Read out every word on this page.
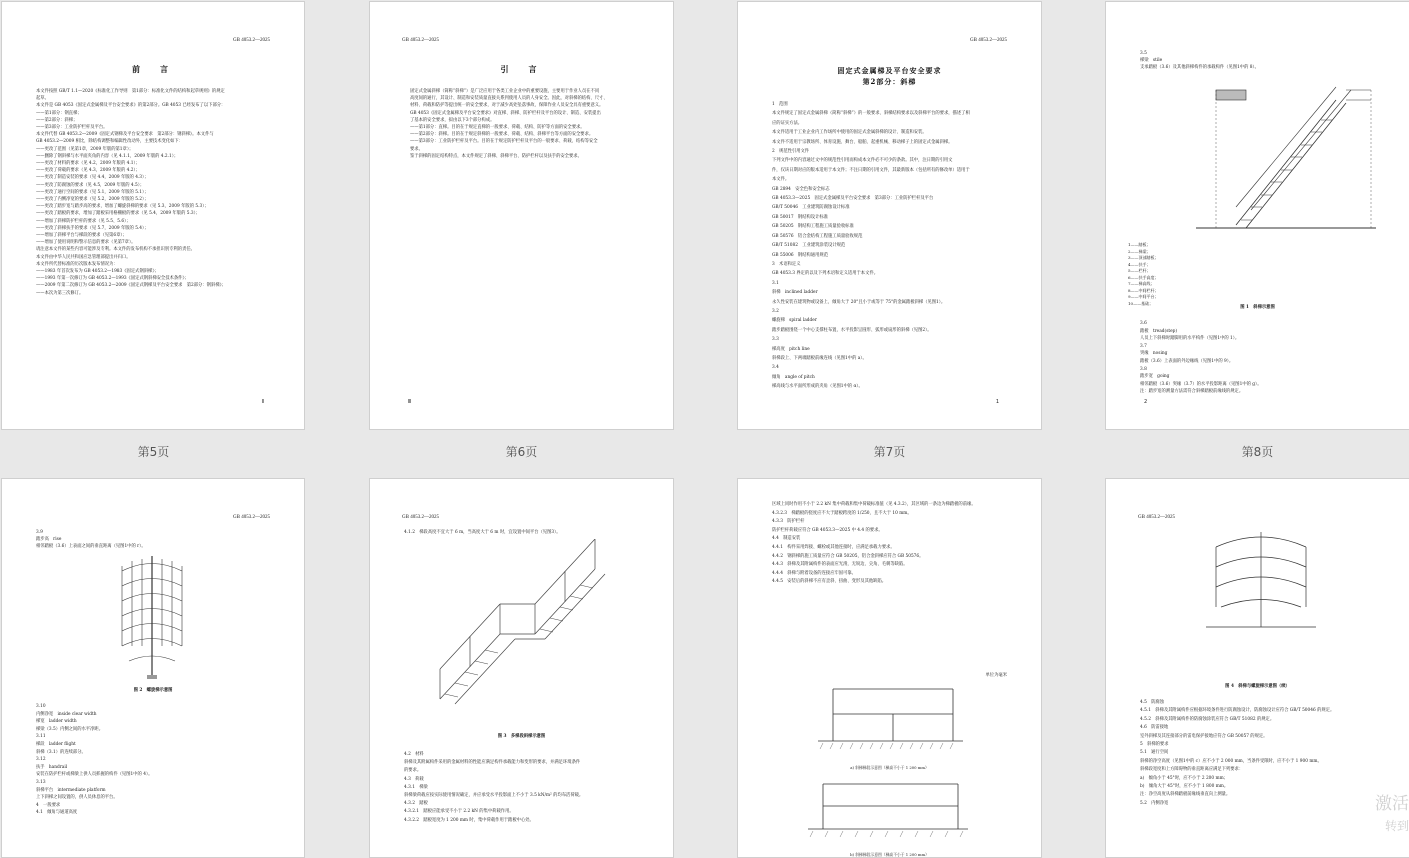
GB 4053.2—2025
前　言
本文件按照 GB/T 1.1—2020《标准化工作导则　第1部分：标准化文件的结构和起草规则》的规定
起草。
本文件是 GB 4053《固定式金属梯及平台安全要求》的第2部分。GB 4053 已经发布了以下部分：
——第1部分：钢直梯；
——第2部分：斜梯；
——第3部分：工业防护栏杆及平台。
本文件代替 GB 4053.2—2009《固定式钢梯及平台安全要求　第2部分：钢斜梯》。本文件与
GB 4053.2—2009 相比，除结构调整和编辑性改动外，主要技术变化如下：
——更改了范围（见第1章，2009 年版的第1章）；
——删除了钢斜梯与水平面夹角的内容（见 4.1.1，2009 年版的 4.2.1）；
——更改了材料的要求（见 4.2，2009 年版的 4.1）；
——更改了荷载的要求（见 4.3，2009 年版的 4.2）；
——更改了制造安装的要求（见 4.4，2009 年版的 4.3）；
——更改了防腐蚀的要求（见 4.5，2009 年版的 4.5）；
——更改了通行空间的要求（见 5.1，2009 年版的 5.1）；
——更改了内侧净宽的要求（见 5.2，2009 年版的 5.2）；
——更改了踏步宽与踏步高的要求，增加了螺旋斜梯的要求（见 5.3，2009 年版的 5.3）；
——更改了踏板的要求，增加了踏板采用格栅板的要求（见 5.4，2009 年版的 5.3）；
——增加了斜梯防护栏杆的要求（见 5.5、5.6）；
——更改了斜梯扶手的要求（见 5.7，2009 年版的 5.4）；
——增加了斜梯平台与梯段的要求（见第6章）；
——增加了使用说明和警示信息的要求（见第7章）。
请注意本文件的某些内容可能涉及专利。本文件的发布机构不承担识别专利的责任。
本文件由中华人民共和国应急管理部提出并归口。
本文件所代替标准的历次版本发布情况为：
——1983 年首次发布为 GB 4053.2—1983《固定式钢斜梯》；
——1993 年第一次修订为 GB 4053.2—1993《固定式钢斜梯安全技术条件》；
——2009 年第二次修订为 GB 4053.2—2009《固定式钢梯及平台安全要求　第2部分：钢斜梯》；
——本次为第三次修订。
Ⅱ
第5页
GB 4053.2—2025
引　言
固定式金属斜梯（简称“斜梯”）是广泛应用于各类工业企业中的重要设施，主要用于作业人员在不同
高度间的通行，其设计、制造和安装质量直接关系到使用人员的人身安全。因此，对斜梯的结构、尺寸、
材料、荷载和防护等提出统一的安全要求，对于减少高处坠落事故、保障作业人员安全具有重要意义。
GB 4053《固定式金属梯及平台安全要求》对直梯、斜梯、防护栏杆及平台的设计、制造、安装提出
了基本的安全要求，拟由以下3个部分构成。
——第1部分：直梯。目的在于规定直梯的一般要求、荷载、结构、防护等方面的安全要求。
——第2部分：斜梯。目的在于规定斜梯的一般要求、荷载、结构、斜梯平台等方面的安全要求。
——第3部分：工业防护栏杆及平台。目的在于规定防护栏杆及平台的一般要求、荷载、结构等安全
要求。
鉴于斜梯的固定结构特点，本文件规定了斜梯、斜梯平台、防护栏杆以及扶手的安全要求。
Ⅲ
第6页
GB 4053.2—2025
固定式金属梯及平台安全要求
第2部分：斜梯
1　范围
本文件规定了固定式金属斜梯（简称“斜梯”）的一般要求、斜梯结构要求以及斜梯平台的要求，描述了相
应的证实方法。
本文件适用于工业企业内工作场所中使用的固定式金属斜梯的设计、制造和安装。
本文件不适用于宗教场所、体育设施、舞台、船舶、起重机械、移动梯子上的固定式金属斜梯。
2　规范性引用文件
下列文件中的内容通过文中的规范性引用而构成本文件必不可少的条款。其中，注日期的引用文
件，仅该日期对应的版本适用于本文件；不注日期的引用文件，其最新版本（包括所有的修改单）适用于
本文件。
GB 2894　安全色和安全标志
GB 4053.3—2025　固定式金属梯及平台安全要求　第3部分：工业防护栏杆及平台
GB/T 50046　工业建筑防腐蚀设计标准
GB 50017　钢结构设计标准
GB 50205　钢结构工程施工质量验收标准
GB 50576　铝合金结构工程施工质量验收规范
GB/T 51082　工业建筑涂装设计规范
GB 55006　钢结构通用规范
3　术语和定义
GB 4053.3 界定的以及下列术语和定义适用于本文件。
3.1
斜梯　inclined ladder
永久性安装在建筑物或设备上，倾角大于 20°且小于或等于 75°的金属踏板斜梯（见图1）。
3.2
螺旋梯　spiral ladder
踏步踏板围绕一个中心支撑柱布置，水平投影呈圆形、弧形或扇形的斜梯（见图2）。
3.3
梯高度　pitch line
斜梯段上、下两端踏板前缘连线（见图1中的 a）。
3.4
倾角　angle of pitch
梯高线与水平面所形成的夹角（见图1中的 α）。
1
第7页
3.5
梯梁　stile
支承踏板（3.6）及其他斜梯构件的承载构件（见图1中的 8）。
1——踏板；
2——梯梁；
3——顶部踏板；
4——扶手；
5——栏杆；
6——扶手高度；
7——梯高线；
8——中间栏杆；
9——中间平台；
10——基础；
图 1　斜梯示意图
3.6
踏板　tread(step)
人员上下斜梯时踏脚用的水平构件（见图1中的 1）。
3.7
突缘　nosing
踏板（3.6）上表面的外边缘线（见图1中的 9）。
3.8
踏步宽　going
相邻踏板（3.6）突缘（3.7）的水平投影距离（见图1中的 g）。
注：踏步宽的测量方法需符合斜梯踏板前缘线的规定。
2
第8页
GB 4053.2—2025
3.9
踏步高　rise
相邻踏板（3.6）上表面之间的垂直距离（见图1中的 r）。
图 2　螺旋梯示意图
3.10
内侧净宽　inside clear width
梯宽　ladder width
梯梁（3.5）内侧之间的水平净距。
3.11
梯段　ladder flight
斜梯（3.1）的连续部分。
3.12
扶手　handrail
安装在防护栏杆或梯梁上供人员抓握的构件（见图1中的 4）。
3.13
斜梯平台　intermediate platform
上下斜梯之间设置的，供人员休息的平台。
4　一般要求
4.1　倾角与通道高度
GB 4053.2—2025
4.1.2　梯段高度不宜大于 6 m，当高度大于 6 m 时，宜设置中间平台（见图3）。
图 3　多梯段斜梯示意图
4.2　材料
斜梯及其附属构件采用的金属材料的性能应满足构件承载能力和变形的要求，并满足环境条件
的要求。
4.3　荷载
4.3.1　梯梁
斜梯梁荷载应按实际使用情况确定，并应承受水平投影面上不小于 3.5 kN/m² 的均布活荷载。
4.3.2　踏板
4.3.2.1　踏板应能承受不小于 2.2 kN 的集中荷载作用。
4.3.2.2　踏板宽度为 1 200 mm 时，集中荷载作用于踏板中心处。
区域上同时作用不小于 2.2 kN 集中荷载和集中荷载标准值（见 4.3.2），其区域的一条边为梯踏板的前缘。
4.3.2.3　梯踏板的挠度应不大于踏板跨度的 1/250，且不大于 10 mm。
4.3.3　防护栏杆
防护栏杆荷载应符合 GB 4053.3—2025 中 4.4 的要求。
4.4　制造安装
4.4.1　构件采用焊接、螺栓或其他连接时，应满足承载力要求。
4.4.2　钢斜梯的施工质量应符合 GB 50205，铝合金斜梯应符合 GB 50576。
4.4.3　斜梯及其附属构件的表面应光滑，无锐边、尖角、毛刺等缺陷。
4.4.4　斜梯与附着设备的连接应牢固可靠。
4.4.5　安装后的斜梯不应有歪斜、扭曲、变形及其他缺陷。
单位为毫米
a) 斜梯梯段示意图（梯高不小于 1 200 mm）
b) 斜梯梯段示意图（梯高不小于 1 200 mm）
GB 4053.2—2025
图 4　斜梯与螺旋梯示意图（续）
4.5　防腐蚀
4.5.1　斜梯及其附属构件应根据环境条件进行防腐蚀设计，防腐蚀设计应符合 GB/T 50046 的规定。
4.5.2　斜梯及其附属构件的防腐蚀涂装应符合 GB/T 51082 的规定。
4.6　防雷接地
室外斜梯及其连接部分的雷电保护接地应符合 GB 50057 的规定。
5　斜梯的要求
5.1　通行空间
斜梯的净空高度（见图1中的 c）应不小于 2 000 mm，当条件受限时，应不小于 1 900 mm。
斜梯段宽度和上方障碍物的垂直距离应满足下列要求：
a)　倾角小于 45°时，应不小于 2 200 mm；
b)　倾角大于 45°时，应不小于 1 800 mm。
注：净空高度从斜梯踏板前缘线垂直向上测量。
5.2　内侧净宽	激活
转到
